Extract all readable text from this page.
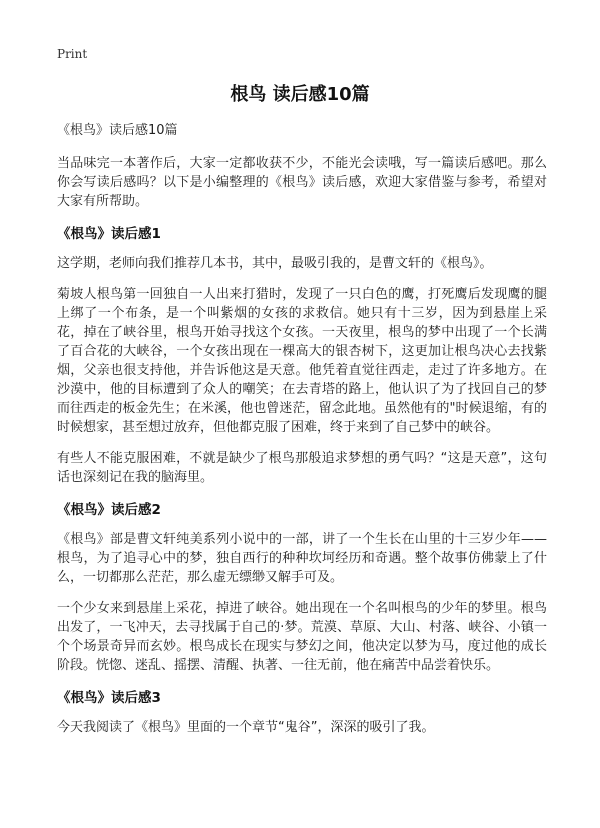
Print
根鸟 读后感10篇
《根鸟》读后感10篇
当品味完一本著作后，大家一定都收获不少，不能光会读哦，写一篇读后感吧。那么你会写读后感吗？以下是小编整理的《根鸟》读后感，欢迎大家借鉴与参考，希望对大家有所帮助。
《根鸟》读后感1
这学期，老师向我们推荐几本书，其中，最吸引我的，是曹文轩的《根鸟》。
菊坡人根鸟第一回独自一人出来打猎时，发现了一只白色的鹰，打死鹰后发现鹰的腿上绑了一个布条，是一个叫紫烟的女孩的求救信。她只有十三岁，因为到悬崖上采花，掉在了峡谷里，根鸟开始寻找这个女孩。一天夜里，根鸟的梦中出现了一个长满了百合花的大峡谷，一个女孩出现在一棵高大的银杏树下，这更加让根鸟决心去找紫烟，父亲也很支持他，并告诉他这是天意。他凭着直觉往西走，走过了许多地方。在沙漠中，他的目标遭到了众人的嘲笑；在去青塔的路上，他认识了为了找回自己的梦而往西走的板金先生；在米溪，他也曾迷茫，留念此地。虽然他有的"时候退缩，有的时候想家，甚至想过放弃，但他都克服了困难，终于来到了自己梦中的峡谷。
有些人不能克服困难，不就是缺少了根鸟那般追求梦想的勇气吗？“这是天意”，这句话也深刻记在我的脑海里。
《根鸟》读后感2
《根鸟》部是曹文轩纯美系列小说中的一部，讲了一个生长在山里的十三岁少年——根鸟，为了追寻心中的梦，独自西行的种种坎坷经历和奇遇。整个故事仿佛蒙上了什么，一切都那么茫茫，那么虚无缥缈又解手可及。
一个少女来到悬崖上采花，掉进了峡谷。她出现在一个名叫根鸟的少年的梦里。根鸟出发了，一飞冲天，去寻找属于自己的·梦。荒漠、草原、大山、村落、峡谷、小镇一个个场景奇异而玄妙。根鸟成长在现实与梦幻之间，他决定以梦为马，度过他的成长阶段。恍惚、迷乱、摇摆、清醒、执著、一往无前，他在痛苦中品尝着快乐。
《根鸟》读后感3
今天我阅读了《根鸟》里面的一个章节“鬼谷”，深深的吸引了我。
